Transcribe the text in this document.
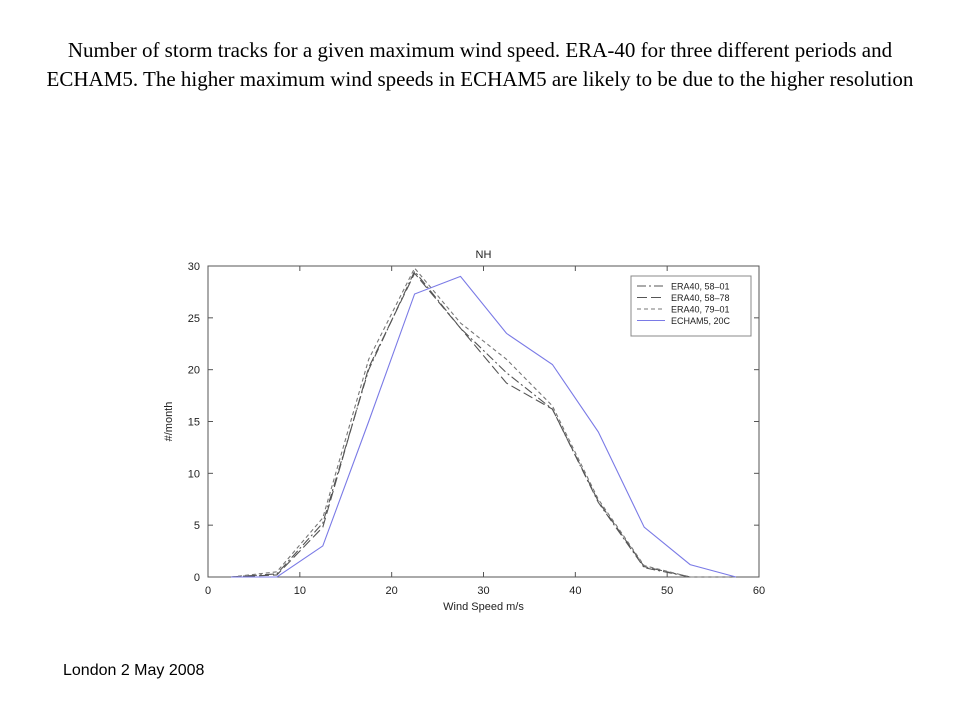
Number of storm tracks for a given maximum wind speed. ERA-40 for three different periods and ECHAM5. The higher maximum wind speeds in ECHAM5 are likely to be due to the higher resolution
0	10	20	30	40	50	60
0
5
10
15
20
25
30
NH
Wind Speed m/s
#/month
ERA40, 58–01
ERA40, 58–78
ERA40, 79–01
ECHAM5, 20C
London 2 May 2008
